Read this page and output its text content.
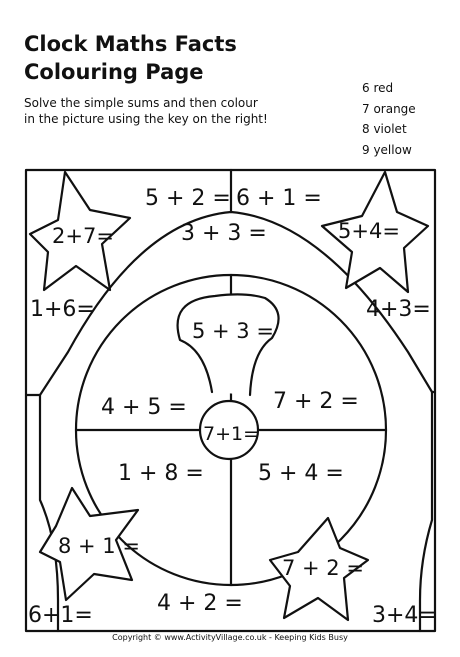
Clock Maths Facts
Colouring Page
Solve the simple sums and then colour
in the picture using the key on the right!
6 red
7 orange
8 violet
9 yellow
5 + 2 = 6 + 1 =
2+7=	5+4=
3 + 3 =
1+6=	4+3=
5 + 3 =
4 + 5 =	7 + 2 =
7+1=
1 + 8 = 5 + 4 =
8 + 1 =
7 + 2 =
6+1=	4 + 2 =	3+4=
Copyright © www.ActivityVillage.co.uk - Keeping Kids Busy
